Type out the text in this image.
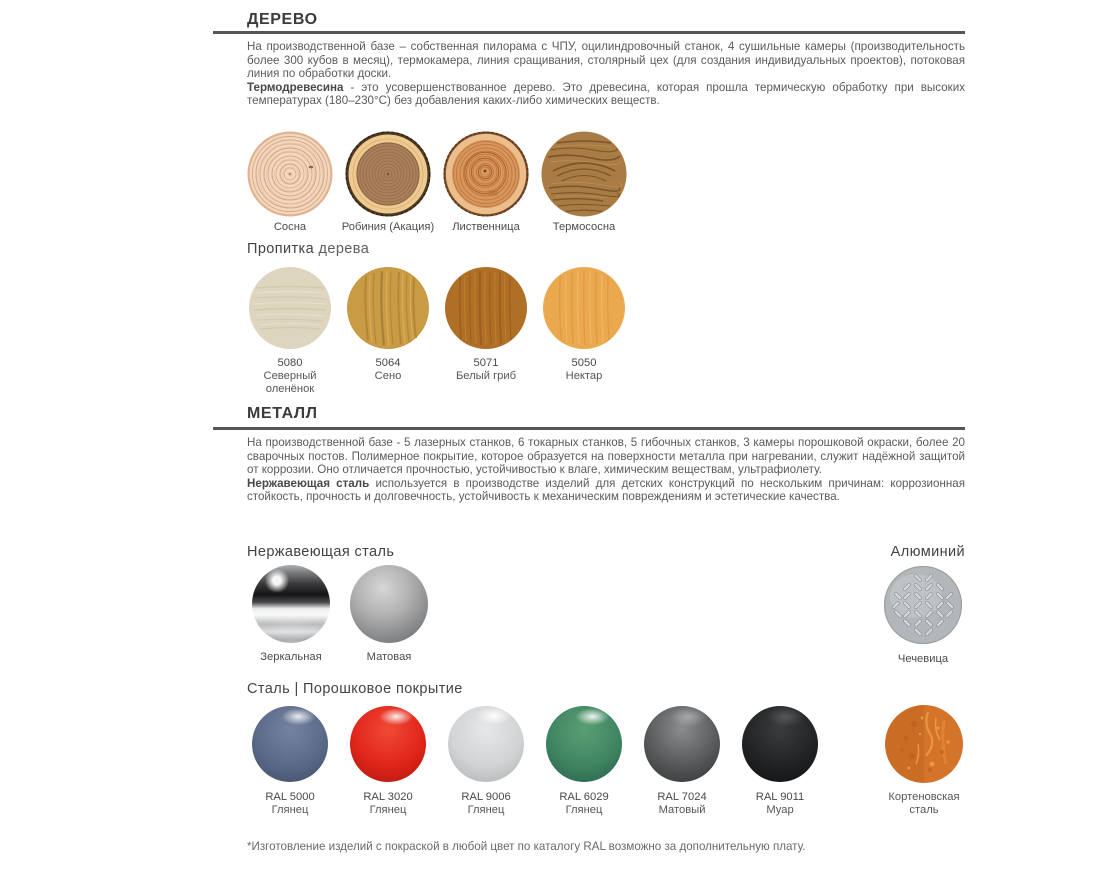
ДЕРЕВО

На производственной базе – собственная пилорама с ЧПУ, оцилиндровочный станок, 4 сушильные камеры (производительность более 300 кубов в месяц), термокамера, линия сращивания, столярный цех (для создания индивидуальных проектов), потоковая линия по обработки доски.

Термодревесина - это усовершенствованное дерево. Это древесина, которая прошла термическую обработку при высоких температурах (180–230°C) без добавления каких-либо химических веществ.

Сосна	Робиния (Акация) Лиственница	Термососна
Пропитка дерева
5080
Северный оленёнок
5064
Сено
5071
Белый гриб
5050
Нектар
МЕТАЛЛ

На производственной базе - 5 лазерных станков, 6 токарных станков, 5 гибочных станков, 3 камеры порошковой окраски, более 20 сварочных постов. Полимерное покрытие, которое образуется на поверхности металла при нагревании, служит надёжной защитой от коррозии. Оно отличается прочностью, устойчивостью к влаге, химическим веществам, ультрафиолету.

Нержавеющая сталь используется в производстве изделий для детских конструкций по нескольким причинам: коррозионная стойкость, прочность и долговечность, устойчивость к механическим повреждениям и эстетические качества.

Нержавеющая сталь	Алюминий
Зеркальная	Матовая	Чечевица
Сталь | Порошковое покрытие
RAL 5000
Глянец
RAL 3020
Глянец
RAL 9006
Глянец
RAL 6029
Глянец
RAL 7024
Матовый
RAL 9011
Муар
Кортеновская сталь
*Изготовление изделий с покраской в любой цвет по каталогу RAL возможно за дополнительную плату.
